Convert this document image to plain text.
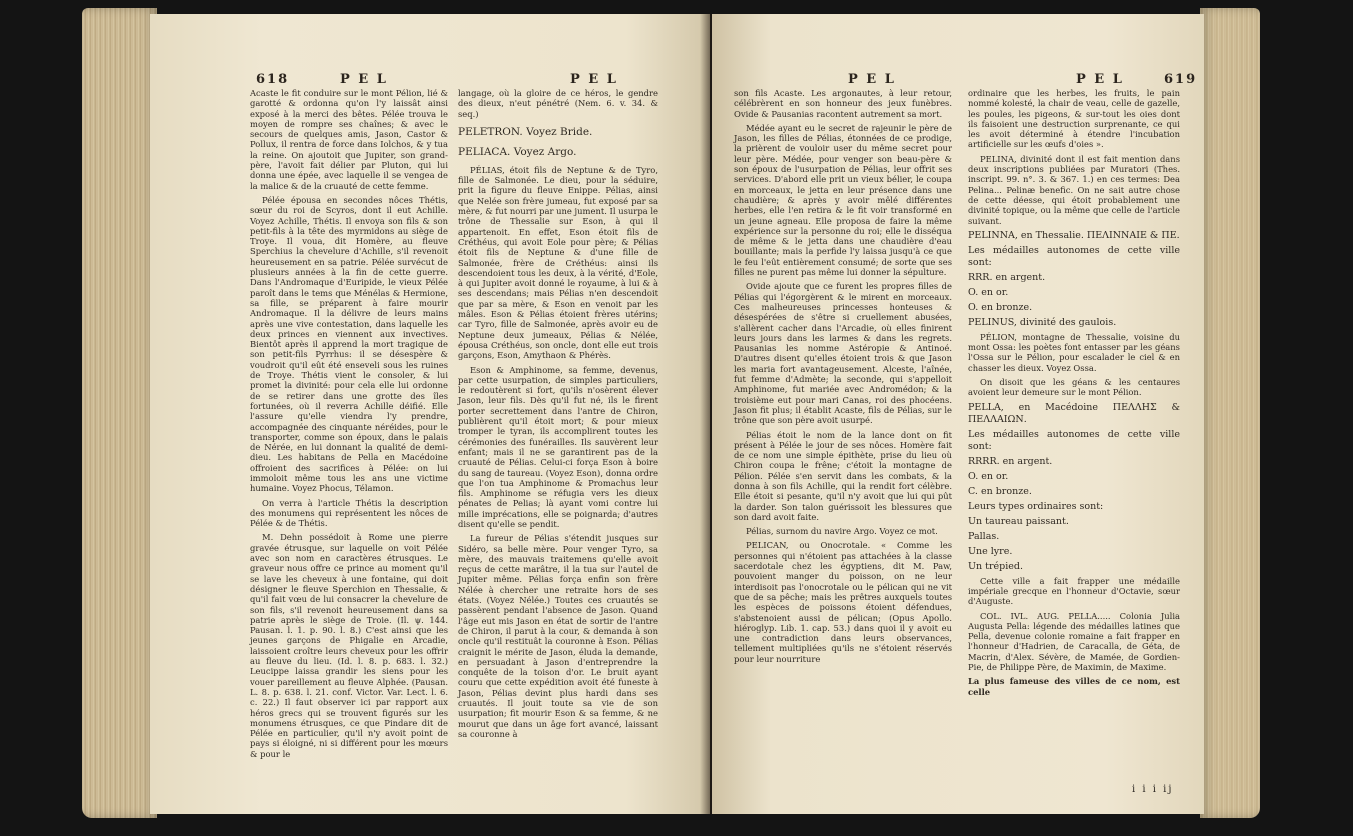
618	P E L	P E L

Acaste le fit conduire sur le mont Pélion, lié & garotté & ordonna qu'on l'y laissât ainsi exposé à la merci des bêtes. Pélée trouva le moyen de rompre ses chaînes; & avec le secours de quelques amis, Jason, Castor & Pollux, il rentra de force dans Iolchos, & y tua la reine. On ajoutoit que Jupiter, son grand-père, l'avoit fait délier par Pluton, qui lui donna une épée, avec laquelle il se vengea de la malice & de la cruauté de cette femme.

Pélée épousa en secondes nôces Thétis, sœur du roi de Scyros, dont il eut Achille. Voyez Achille, Thétis. Il envoya son fils & son petit-fils à la tête des myrmidons au siège de Troye. Il voua, dit Homère, au fleuve Sperchius la chevelure d'Achille, s'il revenoit heureusement en sa patrie. Pélée survécut de plusieurs années à la fin de cette guerre. Dans l'Andromaque d'Euripide, le vieux Pélée paroît dans le tems que Ménélas & Hermione, sa fille, se préparent à faire mourir Andromaque. Il la délivre de leurs mains après une vive contestation, dans laquelle les deux princes en viennent aux invectives. Bientôt après il apprend la mort tragique de son petit-fils Pyrrhus: il se désespère & voudroit qu'il eût été enseveli sous les ruines de Troye. Thétis vient le consoler, & lui promet la divinité: pour cela elle lui ordonne de se retirer dans une grotte des îles fortunées, où il reverra Achille déifié. Elle l'assure qu'elle viendra l'y prendre, accompagnée des cinquante néréides, pour le transporter, comme son époux, dans le palais de Nérée, en lui donnant la qualité de demi-dieu. Les habitans de Pella en Macédoine offroient des sacrifices à Pélée: on lui immoloit même tous les ans une victime humaine. Voyez Phocus, Télamon.

On verra à l'article Thétis la description des monumens qui représentent les nôces de Pélée & de Thétis.

M. Dehn possédoit à Rome une pierre gravée étrusque, sur laquelle on voit Pélée avec son nom en caractères étrusques. Le graveur nous offre ce prince au moment qu'il se lave les cheveux à une fontaine, qui doit désigner le fleuve Sperchion en Thessalie, & qu'il fait vœu de lui consacrer la chevelure de son fils, s'il revenoit heureusement dans sa patrie après le siège de Troie. (Il. ψ. 144. Pausan. l. 1. p. 90. l. 8.) C'est ainsi que les jeunes garçons de Phigalie en Arcadie, laissoient croître leurs cheveux pour les offrir au fleuve du lieu. (Id. l. 8. p. 683. l. 32.) Leucippe laissa grandir les siens pour les vouer pareillement au fleuve Alphée. (Pausan. L. 8. p. 638. l. 21. conf. Victor. Var. Lect. l. 6. c. 22.) Il faut observer ici par rapport aux héros grecs qui se trouvent figurés sur les monumens étrusques, ce que Pindare dit de Pélée en particulier, qu'il n'y avoit point de pays si éloigné, ni si différent pour les mœurs & pour le

langage, où la gloire de ce héros, le gendre des dieux, n'eut pénétré (Nem. 6. v. 34. & seq.)

PELETRON. Voyez Bride.

PELIACA. Voyez Argo.

PÉLIAS, étoit fils de Neptune & de Tyro, fille de Salmonée. Le dieu, pour la séduire, prit la figure du fleuve Enippe. Pélias, ainsi que Nelée son frère jumeau, fut exposé par sa mère, & fut nourri par une jument. Il usurpa le trône de Thessalie sur Eson, à qui il appartenoit. En effet, Eson étoit fils de Créthéus, qui avoit Eole pour père; & Pélias étoit fils de Neptune & d'une fille de Salmonée, frère de Créthéus: ainsi ils descendoient tous les deux, à la vérité, d'Eole, à qui Jupiter avoit donné le royaume, à lui & à ses descendans; mais Pélias n'en descendoit que par sa mère, & Eson en venoit par les mâles. Eson & Pélias étoient frères utérins; car Tyro, fille de Salmonée, après avoir eu de Neptune deux jumeaux, Pélias & Nélée, épousa Créthéus, son oncle, dont elle eut trois garçons, Eson, Amythaon & Phérès.

Eson & Amphinome, sa femme, devenus, par cette usurpation, de simples particuliers, le redoutèrent si fort, qu'ils n'osèrent élever Jason, leur fils. Dès qu'il fut né, ils le firent porter secrettement dans l'antre de Chiron, publièrent qu'il étoit mort; & pour mieux tromper le tyran, ils accomplirent toutes les cérémonies des funérailles. Ils sauvèrent leur enfant; mais il ne se garantirent pas de la cruauté de Pélias. Celui-ci força Eson à boire du sang de taureau. (Voyez Eson), donna ordre que l'on tua Amphinome & Promachus leur fils. Amphinome se réfugia vers les dieux pénates de Pelias; là ayant vomi contre lui mille imprécations, elle se poignarda; d'autres disent qu'elle se pendit.

La fureur de Pélias s'étendit jusques sur Sidéro, sa belle mère. Pour venger Tyro, sa mère, des mauvais traitemens qu'elle avoit reçus de cette marâtre, il la tua sur l'autel de Jupiter même. Pélias força enfin son frère Nélée à chercher une retraite hors de ses états. (Voyez Nélée.) Toutes ces cruautés se passèrent pendant l'absence de Jason. Quand l'âge eut mis Jason en état de sortir de l'antre de Chiron, il parut à la cour, & demanda à son oncle qu'il restituât la couronne à Eson. Pélias craignit le mérite de Jason, éluda la demande, en persuadant à Jason d'entreprendre la conquête de la toison d'or. Le bruit ayant couru que cette expédition avoit été funeste à Jason, Pélias devint plus hardi dans ses cruautés. Il jouit toute sa vie de son usurpation; fit mourir Eson & sa femme, & ne mourut que dans un âge fort avancé, laissant sa couronne à

P E L	P E L	619

son fils Acaste. Les argonautes, à leur retour, célébrèrent en son honneur des jeux funèbres. Ovide & Pausanias racontent autrement sa mort.

Médée ayant eu le secret de rajeunir le père de Jason, les filles de Pélias, étonnées de ce prodige, la prièrent de vouloir user du même secret pour leur père. Médée, pour venger son beau-père & son époux de l'usurpation de Pélias, leur offrit ses services. D'abord elle prit un vieux bélier, le coupa en morceaux, le jetta en leur présence dans une chaudière; & après y avoir mêlé différentes herbes, elle l'en retira & le fit voir transformé en un jeune agneau. Elle proposa de faire la même expérience sur la personne du roi; elle le disséqua de même & le jetta dans une chaudière d'eau bouillante; mais la perfide l'y laissa jusqu'à ce que le feu l'eût entièrement consumé; de sorte que ses filles ne purent pas même lui donner la sépulture.

Ovide ajoute que ce furent les propres filles de Pélias qui l'égorgèrent & le mirent en morceaux. Ces malheureuses princesses honteuses & désespérées de s'être si cruellement abusées, s'allèrent cacher dans l'Arcadie, où elles finirent leurs jours dans les larmes & dans les regrets. Pausanias les nomme Astéropie & Antinoé. D'autres disent qu'elles étoient trois & que Jason les maria fort avantageusement. Alceste, l'aînée, fut femme d'Admète; la seconde, qui s'appelloit Amphinome, fut mariée avec Andromédon; & la troisième eut pour mari Canas, roi des phocéens. Jason fit plus; il établit Acaste, fils de Pélias, sur le trône que son père avoit usurpé.

Pélias étoit le nom de la lance dont on fit présent à Pélée le jour de ses nôces. Homère fait de ce nom une simple épithète, prise du lieu où Chiron coupa le frêne; c'étoit la montagne de Pélion. Pélée s'en servit dans les combats, & la donna à son fils Achille, qui la rendit fort célèbre. Elle étoit si pesante, qu'il n'y avoit que lui qui pût la darder. Son talon guérissoit les blessures que son dard avoit faite.

Pélias, surnom du navire Argo. Voyez ce mot.

PELICAN, ou Onocrotale. « Comme les personnes qui n'étoient pas attachées à la classe sacerdotale chez les égyptiens, dit M. Paw, pouvoient manger du poisson, on ne leur interdisoit pas l'onocrotale ou le pélican qui ne vit que de sa pêche; mais les prêtres auxquels toutes les espèces de poissons étoient défendues, s'abstenoient aussi de pélican; (Opus Apollo. hiéroglyp. Lib. 1. cap. 53.) dans quoi il y avoit eu une contradiction dans leurs observances, tellement multipliées qu'ils ne s'étoient réservés pour leur nourriture

ordinaire que les herbes, les fruits, le pain nommé kolesté, la chair de veau, celle de gazelle, les poules, les pigeons, & sur-tout les oies dont ils faisoient une destruction surprenante, ce qui les avoit déterminé à étendre l'incubation artificielle sur les œufs d'oies ».

PELINA, divinité dont il est fait mention dans deux inscriptions publiées par Muratori (Thes. inscript. 99. n°. 3. & 367. 1.) en ces termes: Dea Pelina... Pelinæ benefic. On ne sait autre chose de cette déesse, qui étoit probablement une divinité topique, ou la même que celle de l'article suivant.

PELINNA, en Thessalie. ΠΕΛΙΝΝΑΙΕ & ΠΕ.

Les médailles autonomes de cette ville sont:

RRR. en argent.

O. en or.

O. en bronze.

PELINUS, divinité des gaulois.

PÉLION, montagne de Thessalie, voisine du mont Ossa: les poètes font entasser par les géans l'Ossa sur le Pélion, pour escalader le ciel & en chasser les dieux. Voyez Ossa.

On disoit que les géans & les centaures avoient leur demeure sur le mont Pélion.

PELLA, en Macédoine ΠΕΛΛΗΣ & ΠΕΛΛΑΙΩΝ.

Les médailles autonomes de cette ville sont:

RRRR. en argent.

O. en or.

C. en bronze.

Leurs types ordinaires sont:

Un taureau paissant.

Pallas.

Une lyre.

Un trépied.

Cette ville a fait frapper une médaille impériale grecque en l'honneur d'Octavie, sœur d'Auguste.

COL. IVL. AUG. PELLA..... Colonia Julia Augusta Pella: légende des médailles latines que Pella, devenue colonie romaine a fait frapper en l'honneur d'Hadrien, de Caracalla, de Géta, de Macrin, d'Alex. Sévère, de Mamée, de Gordien-Pie, de Philippe Père, de Maximin, de Maxime.

La plus fameuse des villes de ce nom, est celle

i i i ij
